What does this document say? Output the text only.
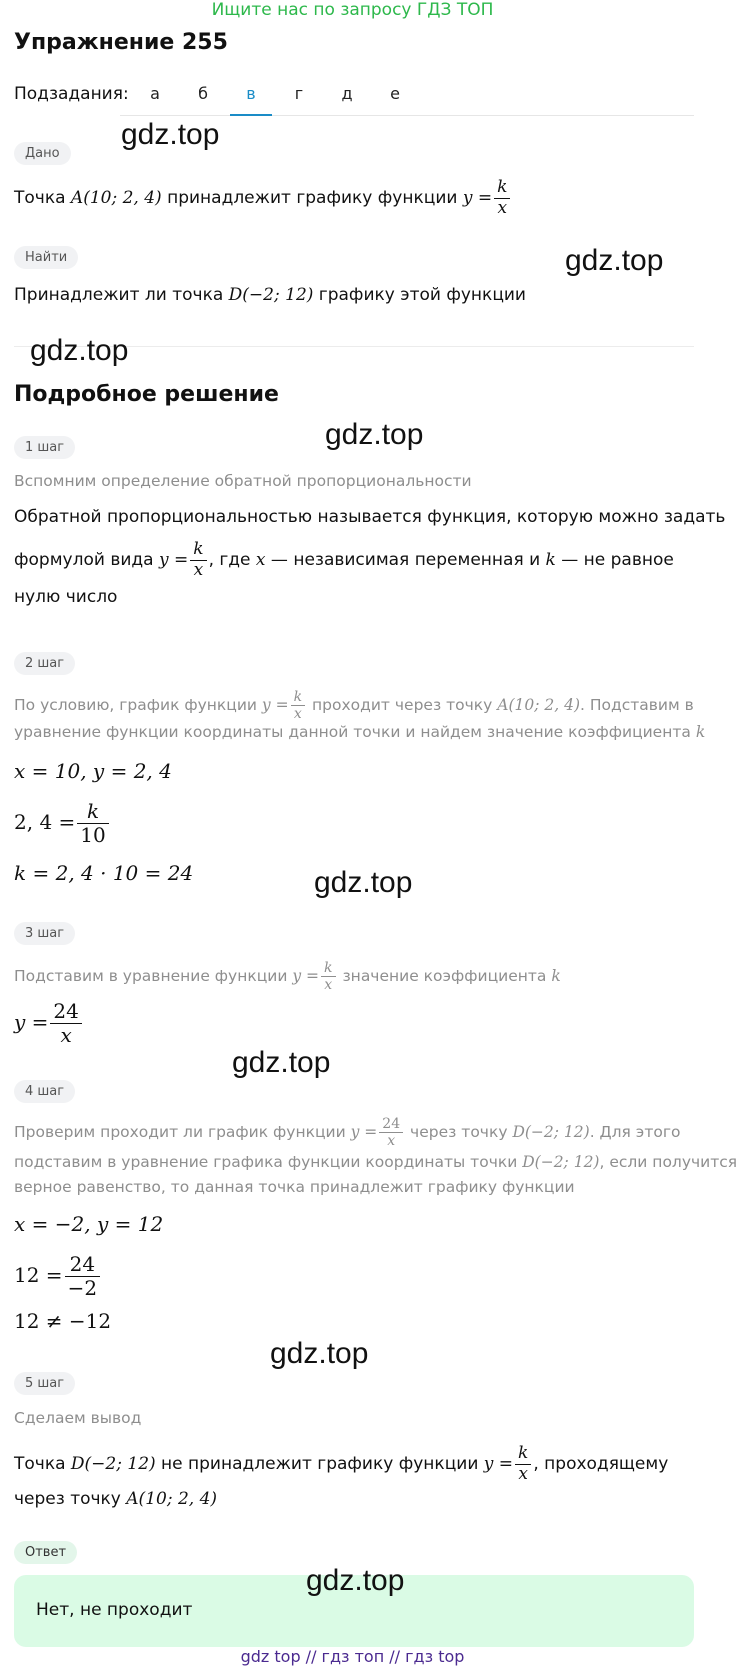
Ищите нас по запросу ГДЗ ТОП
Упражнение 255
Подзадания:	а	б	в	г	д	е
Дано
Точка A(10; 2, 4) принадлежит графику функции $y = \frac{k}{x}$
Найти
Принадлежит ли точка D(−2; 12) графику этой функции
Подробное решение
1 шаг
Вспомним определение обратной пропорциональности
Обратной пропорциональностью называется функция, которую можно задать
формулой вида $y = \frac{k}{x}$ , где x — независимая переменная и k — не равное
нулю число
2 шаг
По условию, график функции $y = \frac{k}{x}$ проходит через точку A(10; 2, 4). Подставим в
уравнение функции координаты данной точки и найдем значение коэффициента k
x = 10, y = 2, 4
2, $4 = \frac{k}{10}$
k = 2, 4 · 10 = 24
3 шаг
Подставим в уравнение функции $y = \frac{k}{x}$ значение коэффициента k
$y = \frac{24}{x}$
4 шаг
Проверим проходит ли график функции $y = \frac{24}{x}$ через точку D(−2; 12). Для этого
подставим в уравнение графика функции координаты точки D(−2; 12), если получится
верное равенство, то данная точка принадлежит графику функции
x = −2, y = 12
$12 = \frac{24}{-2}$
12 ≠ −12
5 шаг
Сделаем вывод
Точка D(−2; 12) не принадлежит графику функции $y = \frac{k}{x}$ , проходящему
через точку A(10; 2, 4)
Ответ
Нет, не проходит
gdz.top
gdz.top
gdz.top
gdz.top
gdz.top
gdz.top
gdz.top
gdz.top
gdz top // гдз топ // гдз top
